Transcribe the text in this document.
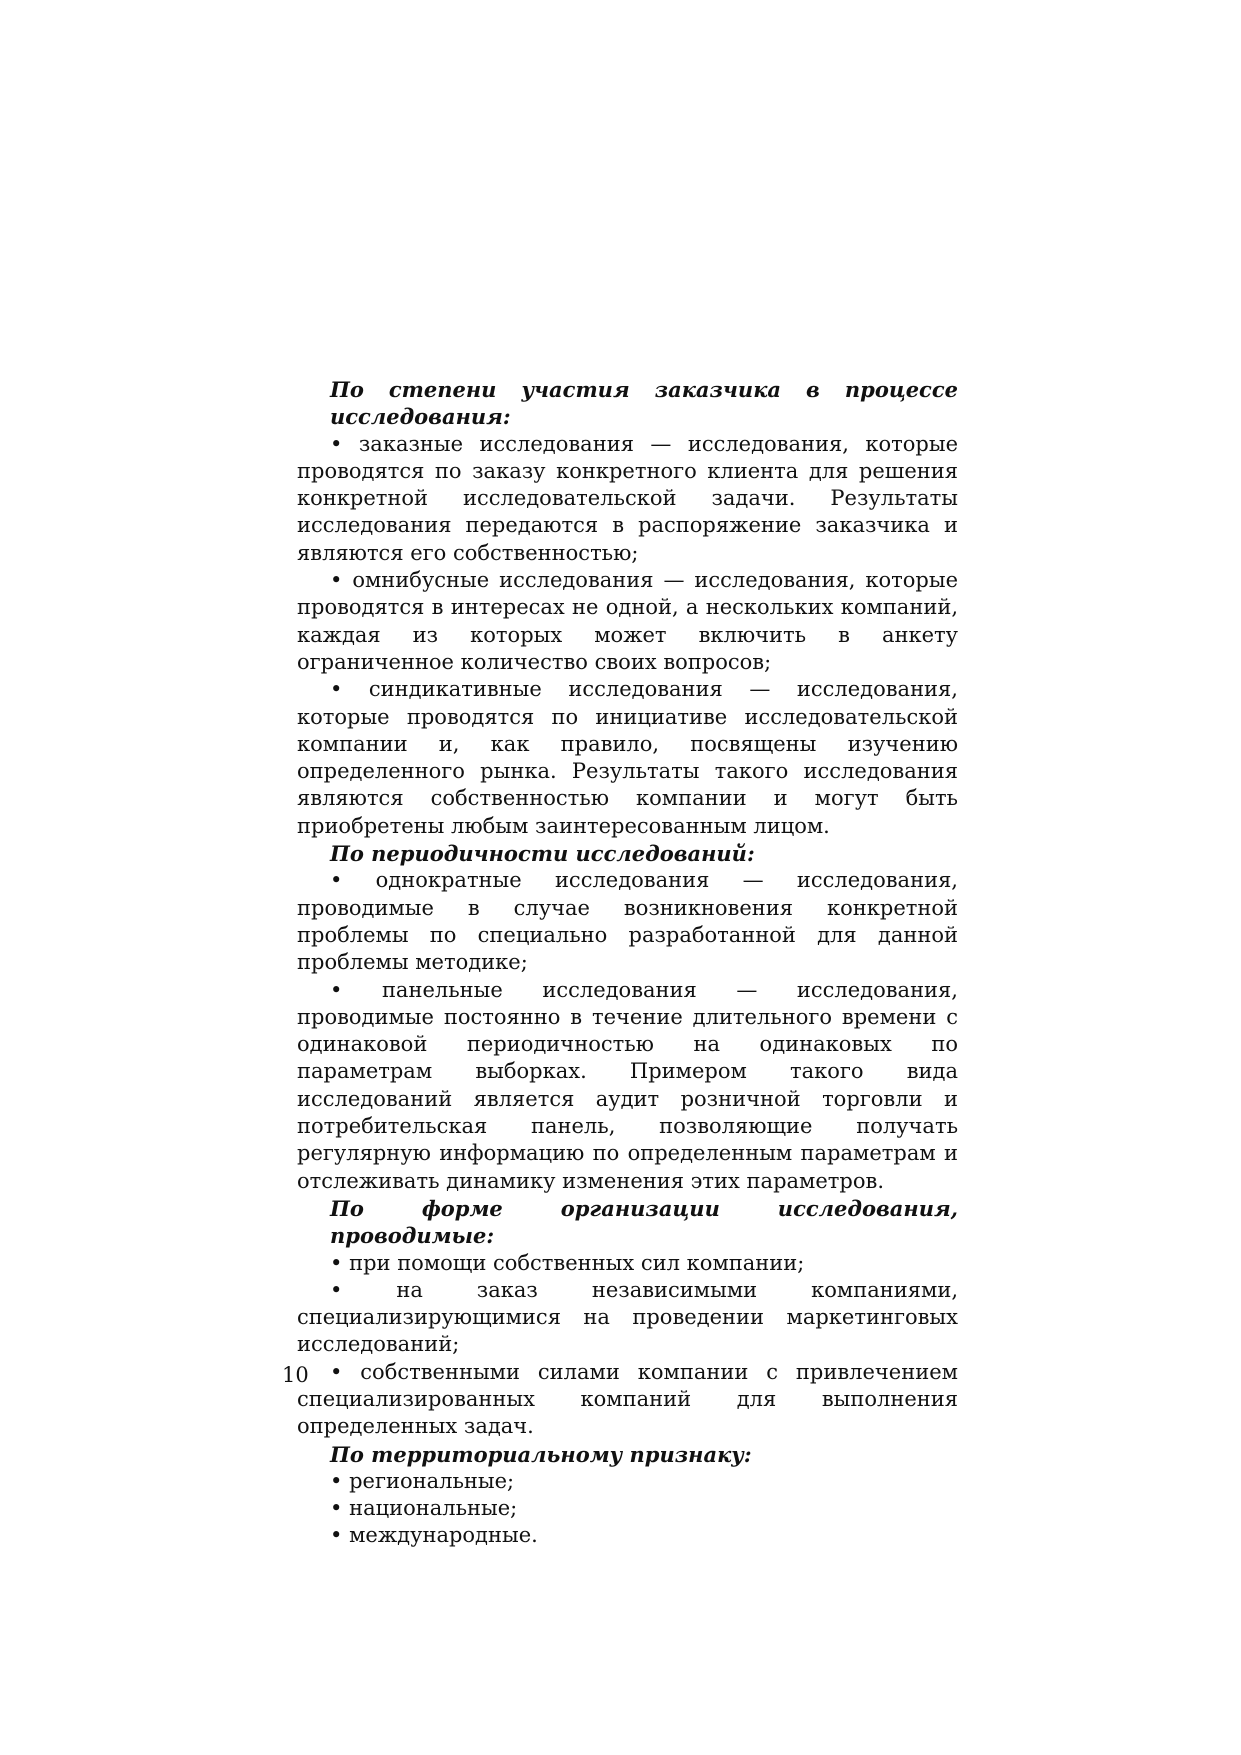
По степени участия заказчика в процессе исследования:

• заказные исследования — исследования, которые проводятся по заказу конкретного клиента для решения конкретной исследовательской задачи. Результаты исследования передаются в распоряжение заказчика и являются его собственностью;

• омнибусные исследования — исследования, которые проводятся в интересах не одной, а нескольких компаний, каждая из которых может включить в анкету ограниченное количество своих вопросов;

• синдикативные исследования — исследования, которые проводятся по инициативе исследовательской компании и, как правило, посвящены изучению определенного рынка. Результаты такого исследования являются собственностью компании и могут быть приобретены любым заинтересованным лицом.

По периодичности исследований:

• однократные исследования — исследования, проводимые в случае возникновения конкретной проблемы по специально разработанной для данной проблемы методике;

• панельные исследования — исследования, проводимые постоянно в течение длительного времени с одинаковой периодичностью на одинаковых по параметрам выборках. Примером такого вида исследований является аудит розничной торговли и потребительская панель, позволяющие получать регулярную информацию по определенным параметрам и отслеживать динамику изменения этих параметров.

По форме организации исследования, проводимые:

• при помощи собственных сил компании;

•	на заказ независимыми компаниями, специализирующимися на проведении маркетинговых исследований;

• собственными силами компании с привлечением специализированных компаний для выполнения определенных задач.

По территориальному признаку:

• региональные;

• национальные;

• международные.

10
